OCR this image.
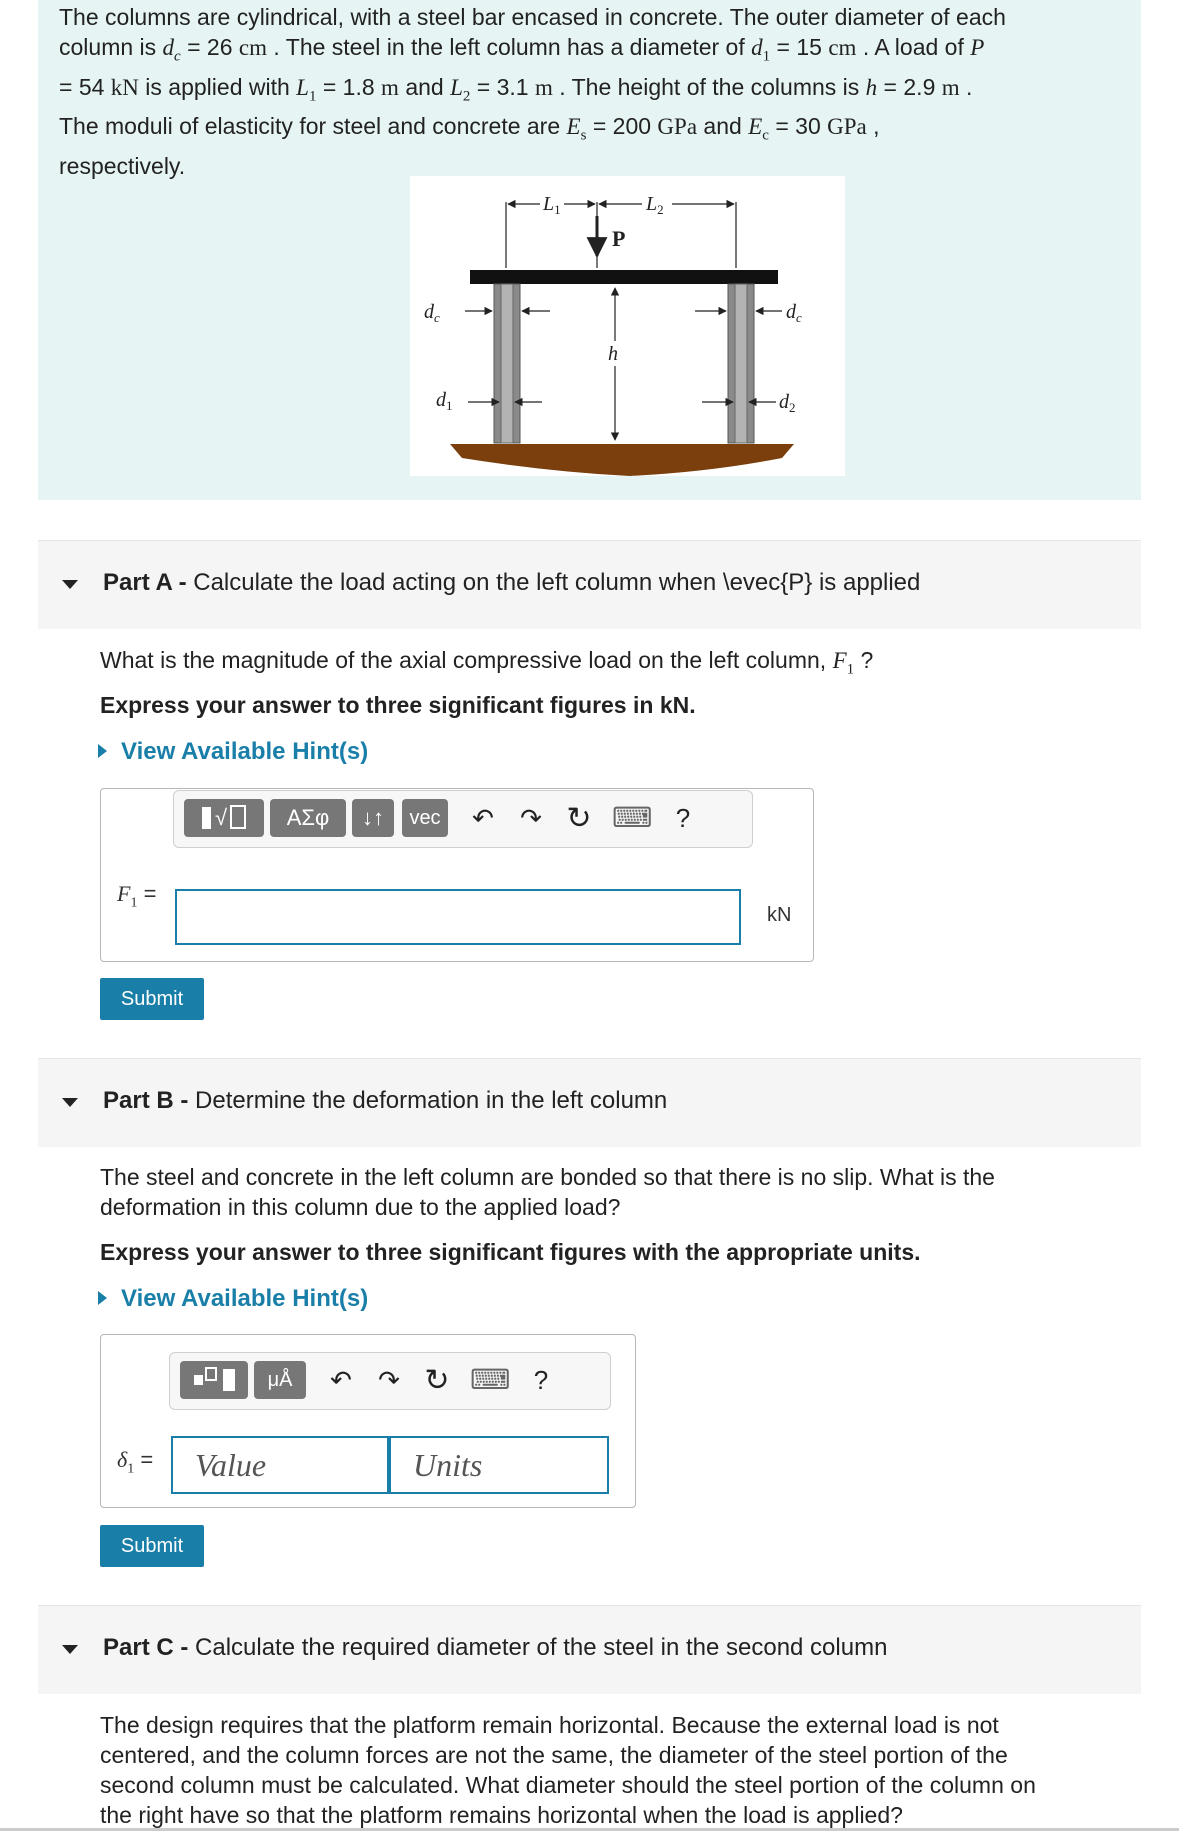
The columns are cylindrical, with a steel bar encased in concrete. The outer diameter of each
column is $d_c = 26$ cm . The steel in the left column has a diameter of $d_1 = 15$ cm . A load of P
= 54 kN is applied with $L_1 = 1.8$ m and $L_2 = 3.1$ m . The height of the columns is h = 2.9 m .
The moduli of elasticity for steel and concrete are $E_s = 200$ GPa and $E_c = 30$ GPa ,
respectively.
$L_1$	$L_2$
P
$d_c$
$d_1$
h
$d_c$
$d_2$
Part A - Calculate the load acting on the left column when \evec{P} is applied
What is the magnitude of the axial compressive load on the left column, $F_1$ ?
Express your answer to three significant figures in kN.
View Available Hint(s)
√	ΑΣφ	↓↑	vec ↶ ↷ ↻ ⌨ ?
$F_1$ =
kN
Submit
Part B - Determine the deformation in the left column
The steel and concrete in the left column are bonded so that there is no slip. What is the
deformation in this column due to the applied load?
Express your answer to three significant figures with the appropriate units.
View Available Hint(s)
μÅ	↶ ↷ ↻ ⌨ ?
$\delta_1$ =	Value	Units
Submit
Part C - Calculate the required diameter of the steel in the second column
The design requires that the platform remain horizontal. Because the external load is not
centered, and the column forces are not the same, the diameter of the steel portion of the
second column must be calculated. What diameter should the steel portion of the column on
the right have so that the platform remains horizontal when the load is applied?
